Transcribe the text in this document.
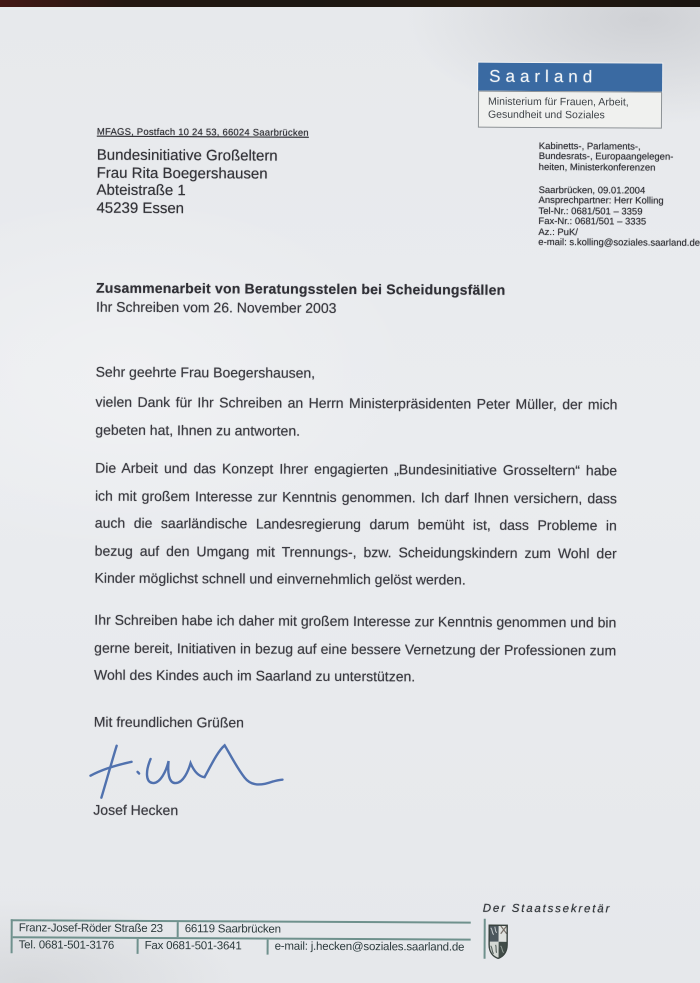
Saarland
Ministerium für Frauen, Arbeit,
Gesundheit und Soziales
MFAGS, Postfach 10 24 53, 66024 Saarbrücken
Bundesinitiative Großeltern
Frau Rita Boegershausen
Abteistraße 1
45239 Essen
Kabinetts-, Parlaments-,
Bundesrats-, Europaangelegen-
heiten, Ministerkonferenzen
Saarbrücken, 09.01.2004
Ansprechpartner: Herr Kolling
Tel-Nr.: 0681/501 – 3359
Fax-Nr.: 0681/501 – 3335
Az.: PuK/
e-mail: s.kolling@soziales.saarland.de
Zusammenarbeit von Beratungsstelen bei Scheidungsfällen
Ihr Schreiben vom 26. November 2003
Sehr geehrte Frau Boegershausen,
vielen Dank für Ihr Schreiben an Herrn Ministerpräsidenten Peter Müller, der mich gebeten hat, Ihnen zu antworten.
Die Arbeit und das Konzept Ihrer engagierten „Bundesinitiative Grosseltern“ habe ich mit großem Interesse zur Kenntnis genommen. Ich darf Ihnen versichern, dass auch die saarländische Landesregierung darum bemüht ist, dass Probleme in bezug auf den Umgang mit Trennungs-, bzw. Scheidungskindern zum Wohl der Kinder möglichst schnell und einvernehmlich gelöst werden.
Ihr Schreiben habe ich daher mit großem Interesse zur Kenntnis genommen und bin gerne bereit, Initiativen in bezug auf eine bessere Vernetzung der Professionen zum Wohl des Kindes auch im Saarland zu unterstützen.
Mit freundlichen Grüßen
Josef Hecken
Der Staatssekretär
Franz-Josef-Röder Straße 23	66119 Saarbrücken
Tel. 0681-501-3176	Fax 0681-501-3641	e-mail: j.hecken@soziales.saarland.de
